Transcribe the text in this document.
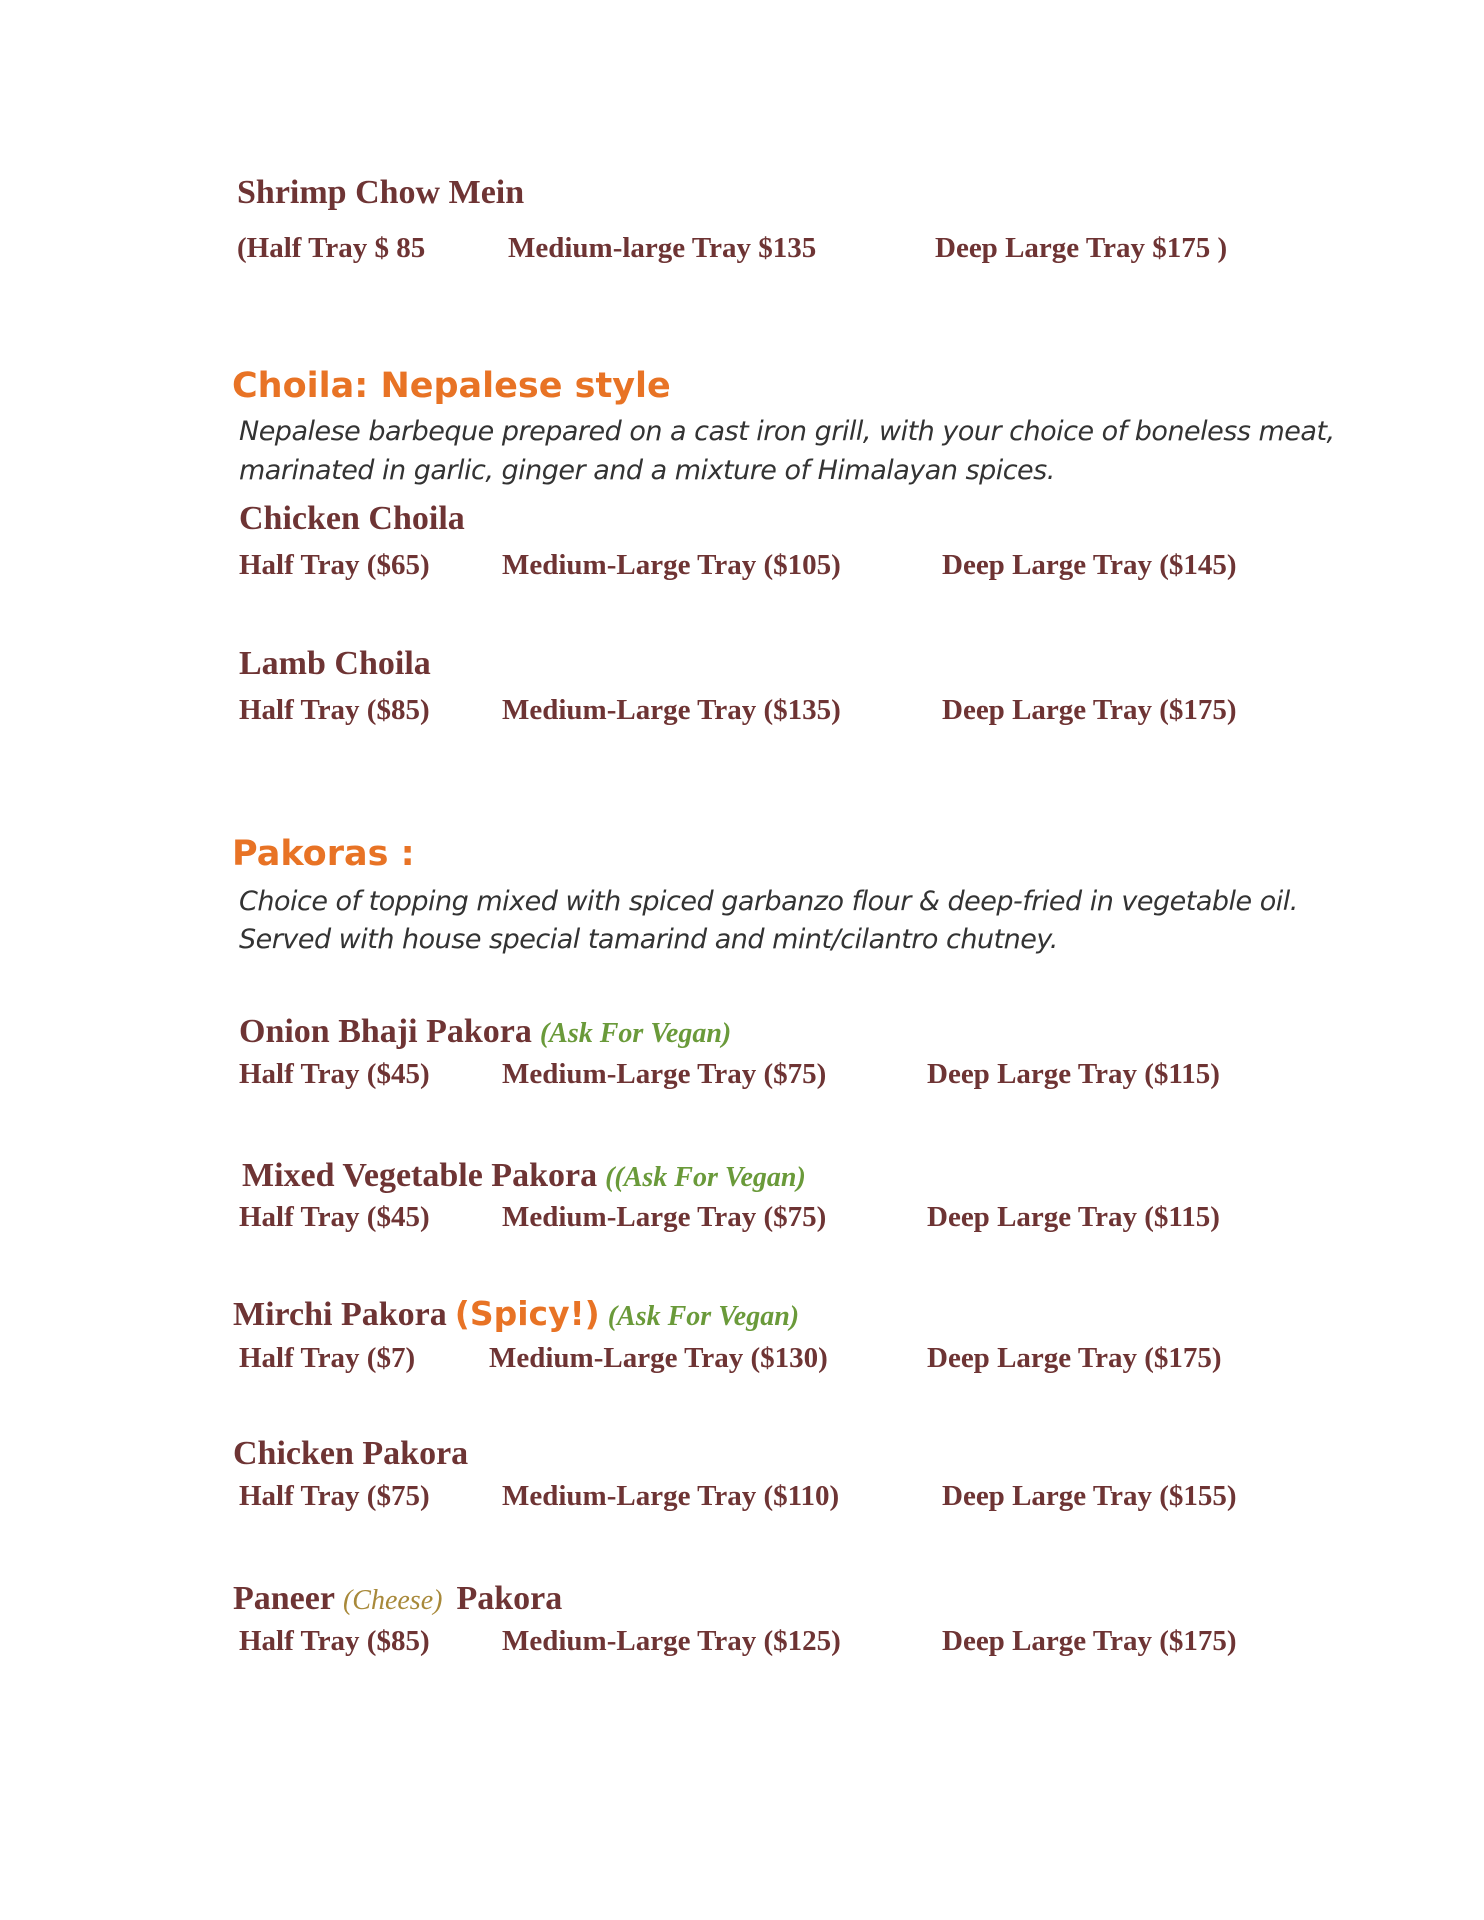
Shrimp Chow Mein
(Half Tray $ 85	Medium-large Tray $135	Deep Large Tray $175 )
Choila: Nepalese style
Nepalese barbeque prepared on a cast iron grill, with your choice of boneless meat,
marinated in garlic, ginger and a mixture of Himalayan spices.
Chicken Choila
Half Tray ($65) Medium-Large Tray ($105)	Deep Large Tray ($145)
Lamb Choila
Half Tray ($85) Medium-Large Tray ($135)	Deep Large Tray ($175)
Pakoras :
Choice of topping mixed with spiced garbanzo flour & deep-fried in vegetable oil.
Served with house special tamarind and mint/cilantro chutney.
Onion Bhaji Pakora (Ask For Vegan)
Half Tray ($45) Medium-Large Tray ($75)	Deep Large Tray ($115)
Mixed Vegetable Pakora ((Ask For Vegan)
Half Tray ($45) Medium-Large Tray ($75)	Deep Large Tray ($115)
Mirchi Pakora (Spicy!) (Ask For Vegan)
Half Tray ($7)	Medium-Large Tray ($130)	Deep Large Tray ($175)
Chicken Pakora
Half Tray ($75) Medium-Large Tray ($110)	Deep Large Tray ($155)
Paneer (Cheese) Pakora
Half Tray ($85) Medium-Large Tray ($125)	Deep Large Tray ($175)
